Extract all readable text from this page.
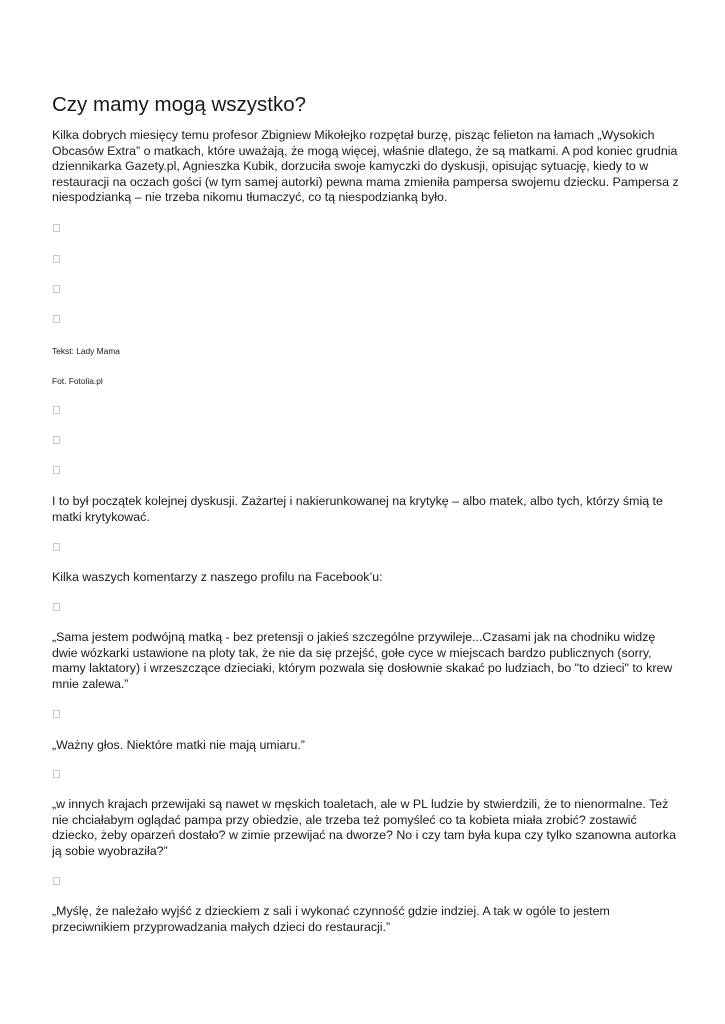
Czy mamy mogą wszystko?

Kilka dobrych miesięcy temu profesor Zbigniew Mikołejko rozpętał burzę, pisząc felieton na łamach „Wysokich Obcasów Extra” o matkach, które uważają, że mogą więcej, właśnie dlatego, że są matkami. A pod koniec grudnia dziennikarka Gazety.pl, Agnieszka Kubik, dorzuciła swoje kamyczki do dyskusji, opisując sytuację, kiedy to w restauracji na oczach gości (w tym samej autorki) pewna mama zmieniła pampersa swojemu dziecku. Pampersa z niespodzianką – nie trzeba nikomu tłumaczyć, co tą niespodzianką było.

Tekst: Lady Mama

Fot. Fotolia.pl

I to był początek kolejnej dyskusji. Zażartej i nakierunkowanej na krytykę – albo matek, albo tych, którzy śmią te matki krytykować.

Kilka waszych komentarzy z naszego profilu na Facebook’u:

„Sama jestem podwójną matką - bez pretensji o jakieś szczególne przywileje...Czasami jak na chodniku widzę dwie wózkarki ustawione na ploty tak, że nie da się przejść, gołe cyce w miejscach bardzo publicznych (sorry, mamy laktatory) i wrzeszczące dzieciaki, którym pozwala się dosłownie skakać po ludziach, bo "to dzieci" to krew mnie zalewa.”

„Ważny głos. Niektóre matki nie mają umiaru.”

„w innych krajach przewijaki są nawet w męskich toaletach, ale w PL ludzie by stwierdzili, że to nienormalne. Też nie chciałabym oglądać pampa przy obiedzie, ale trzeba też pomyśleć co ta kobieta miała zrobić? zostawić dziecko, żeby oparzeń dostało? w zimie przewijać na dworze? No i czy tam była kupa czy tylko szanowna autorka ją sobie wyobraziła?”

„Myślę, że należało wyjść z dzieckiem z sali i wykonać czynność gdzie indziej. A tak w ogóle to jestem przeciwnikiem przyprowadzania małych dzieci do restauracji.”
